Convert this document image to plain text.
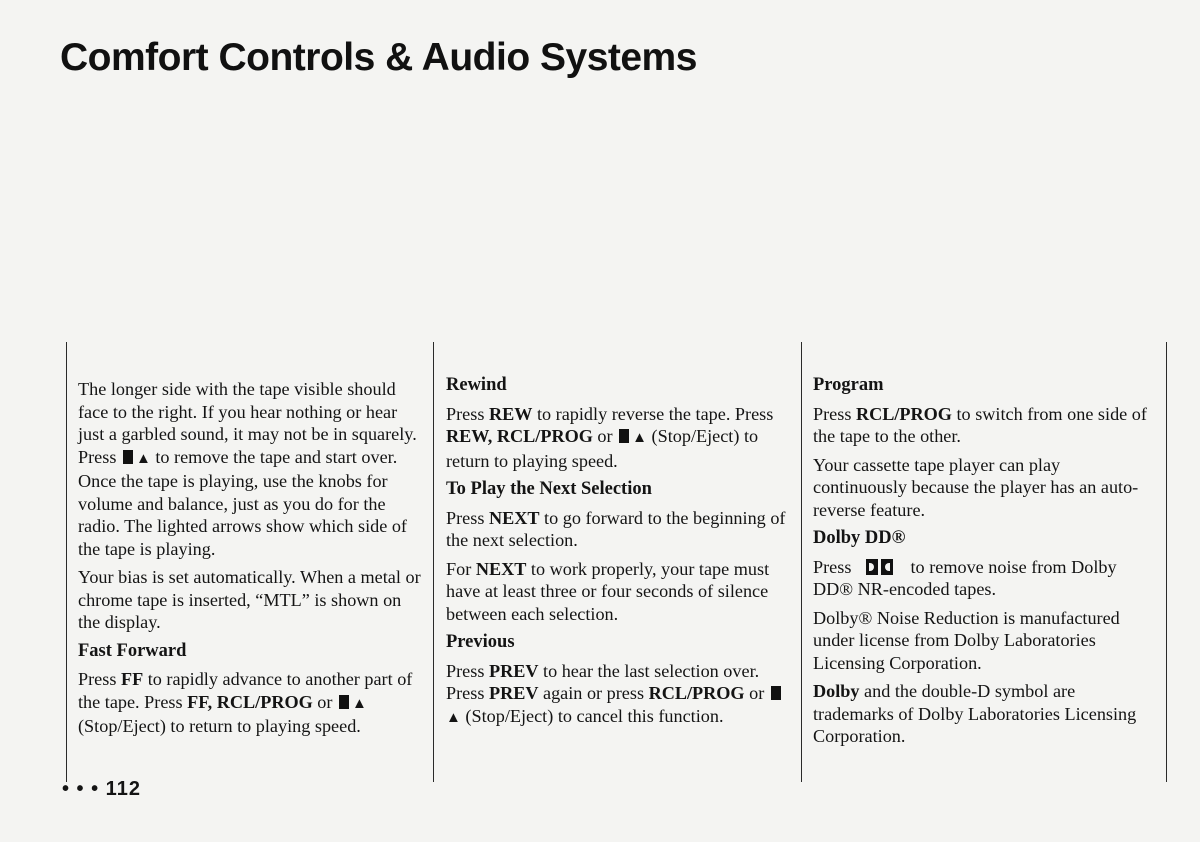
Comfort Controls & Audio Systems

The longer side with the tape visible should face to the right. If you hear nothing or hear just a garbled sound, it may not be in squarely. Press ▲ to remove the tape and start over. Once the tape is playing, use the knobs for volume and balance, just as you do for the radio. The lighted arrows show which side of the tape is playing.

Your bias is set automatically. When a metal or chrome tape is inserted, “MTL” is shown on the display.

Fast Forward

Press FF to rapidly advance to another part of the tape. Press FF, RCL/PROG or ▲ (Stop/Eject) to return to playing speed.

Rewind

Press REW to rapidly reverse the tape. Press REW, RCL/PROG or ▲ (Stop/Eject) to return to playing speed.

To Play the Next Selection

Press NEXT to go forward to the beginning of the next selection.

For NEXT to work properly, your tape must have at least three or four seconds of silence between each selection.

Previous

Press PREV to hear the last selection over. Press PREV again or press RCL/PROG or ▲ (Stop/Eject) to cancel this function.

Program

Press RCL/PROG to switch from one side of the tape to the other.

Your cassette tape player can play continuously because the player has an auto-reverse feature.

Dolby DD®

Press	to remove noise from Dolby DD® NR-encoded tapes.

Dolby® Noise Reduction is manufactured under license from Dolby Laboratories Licensing Corporation.

Dolby and the double-D symbol are trademarks of Dolby Laboratories Licensing Corporation.

• • • 112
